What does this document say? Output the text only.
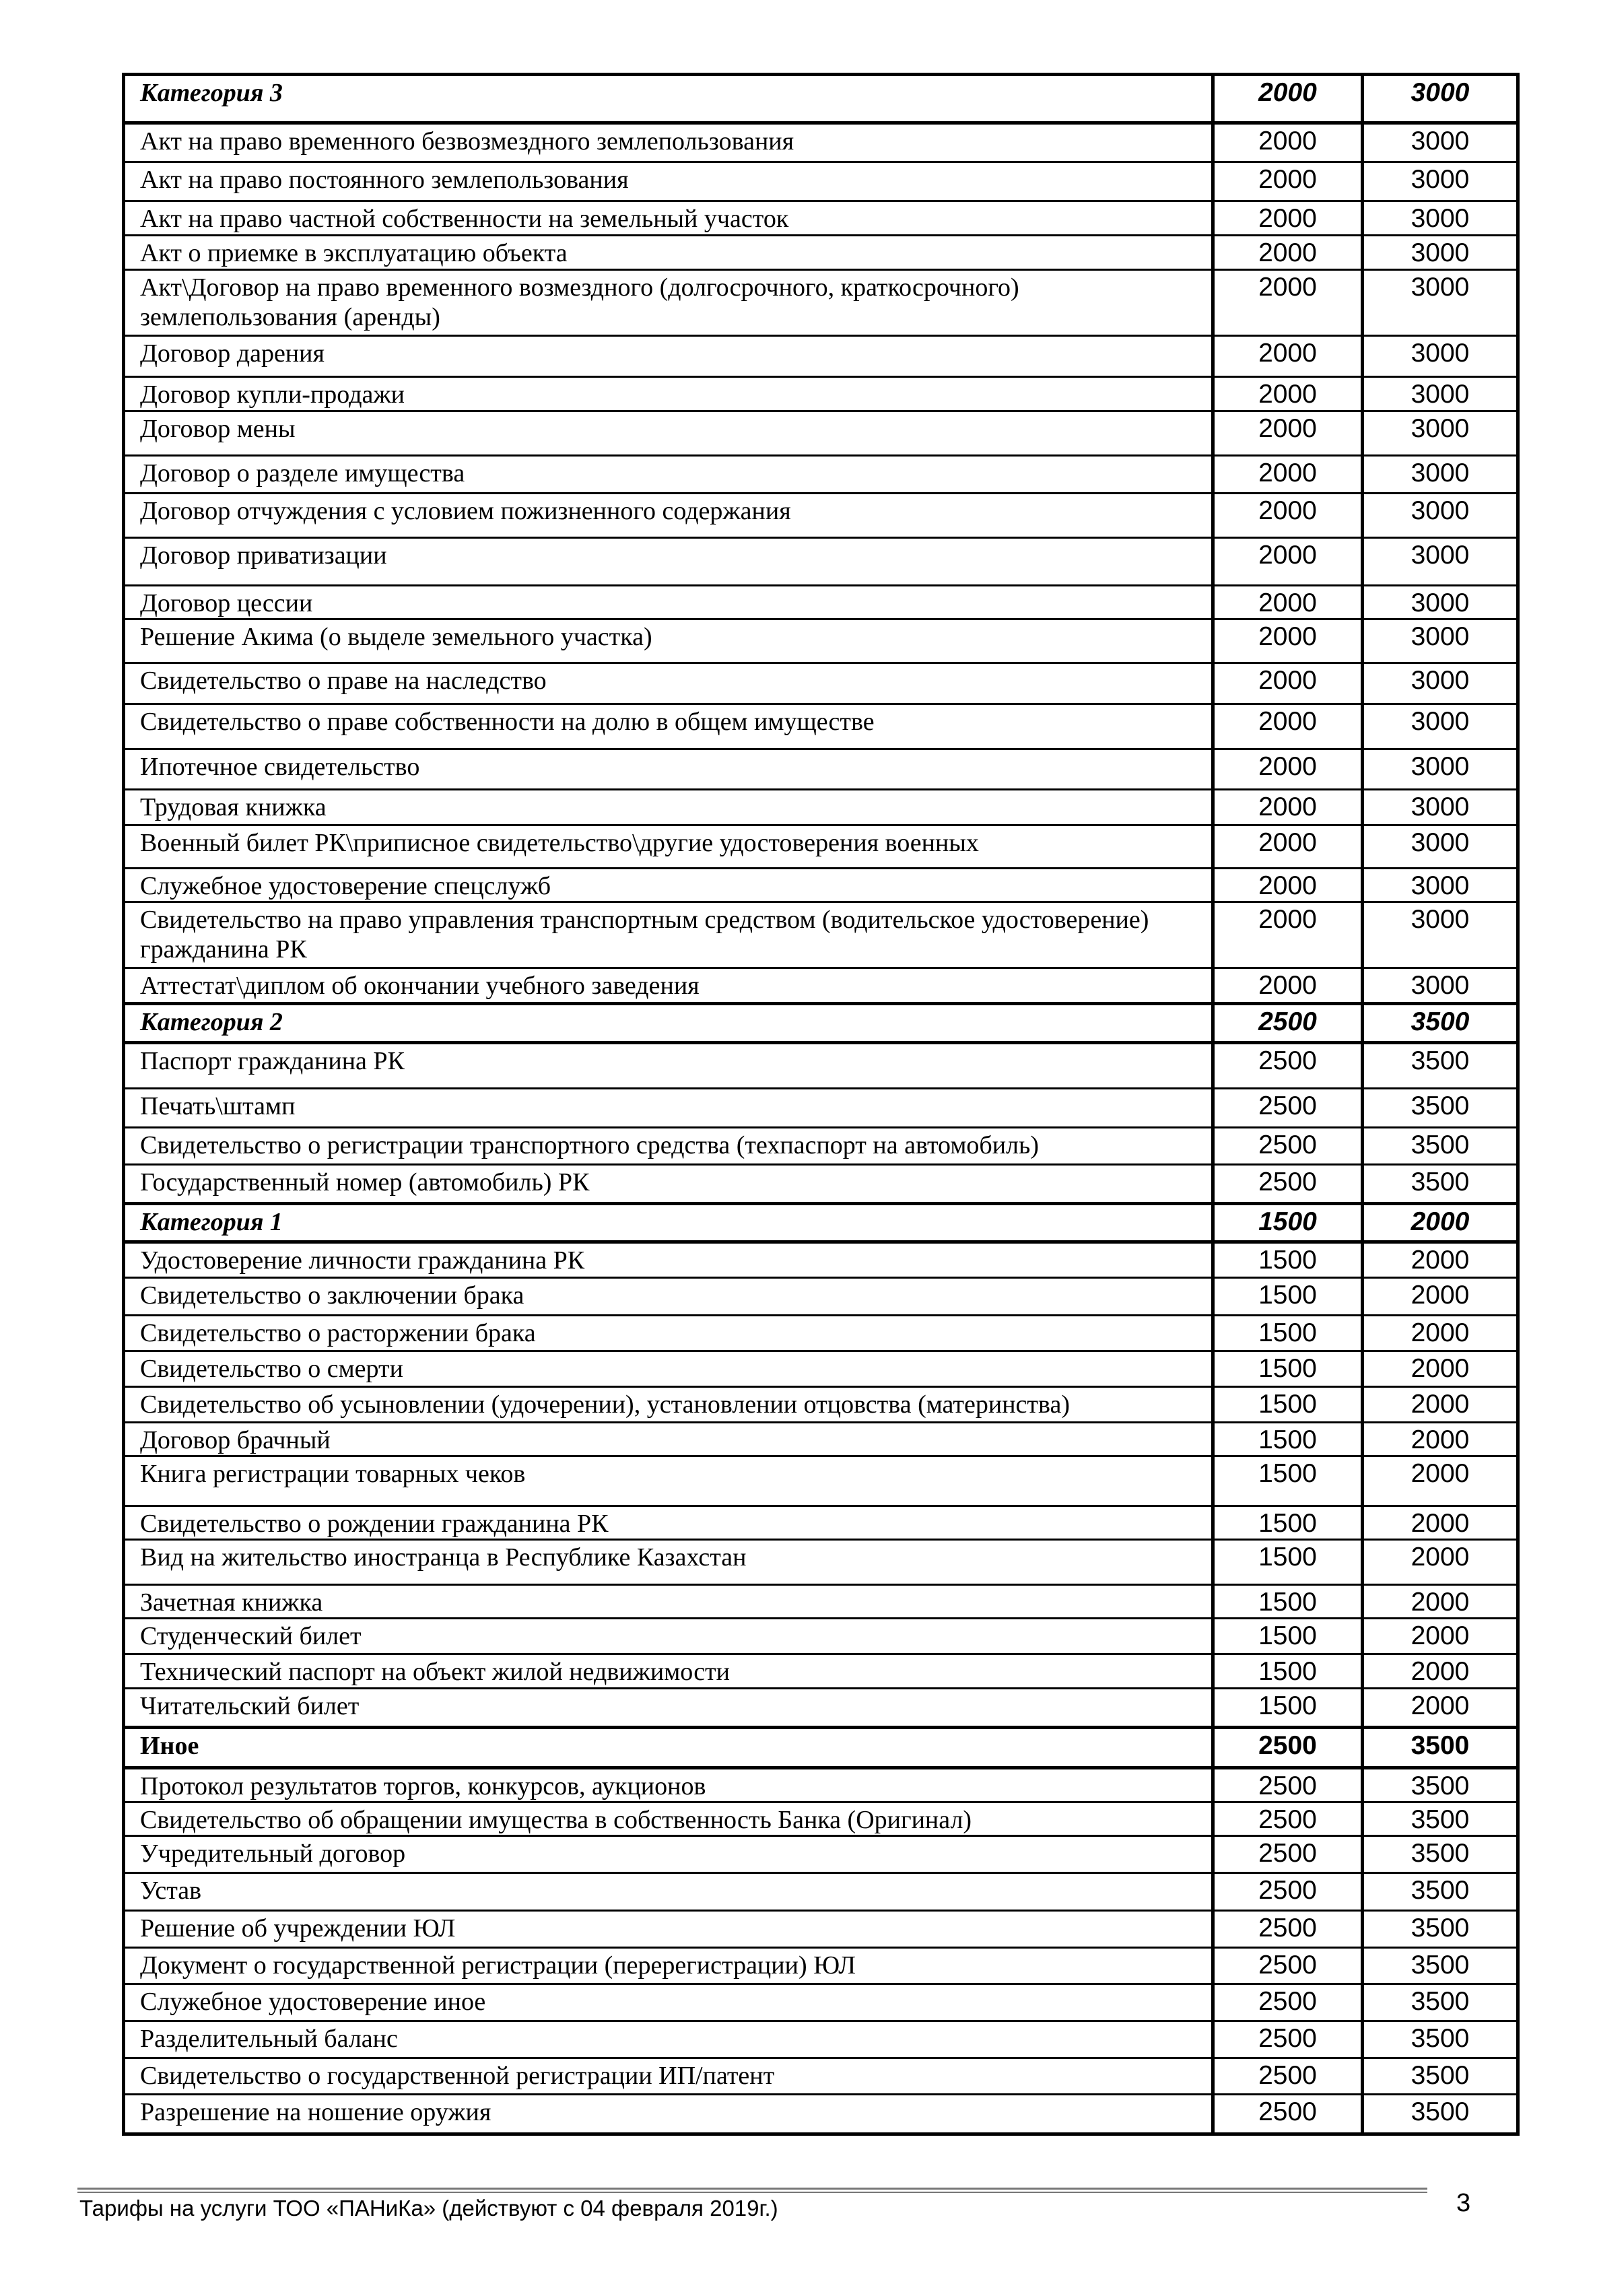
Категория 3	2000	3000
Акт на право временного безвозмездного землепользования	2000	3000
Акт на право постоянного землепользования	2000	3000
Акт на право частной собственности на земельный участок	2000	3000
Акт о приемке в эксплуатацию объекта	2000	3000
Акт\Договор на право временного возмездного (долгосрочного, краткосрочного) землепользования (аренды)	2000	3000
Договор дарения	2000	3000
Договор купли-продажи	2000	3000
Договор мены	2000	3000
Договор о разделе имущества	2000	3000
Договор отчуждения с условием пожизненного содержания	2000	3000
Договор приватизации	2000	3000
Договор цессии	2000	3000
Решение Акима (о выделе земельного участка)	2000	3000
Свидетельство о праве на наследство	2000	3000
Свидетельство о праве собственности на долю в общем имуществе	2000	3000
Ипотечное свидетельство	2000	3000
Трудовая книжка	2000	3000
Военный билет РК\приписное свидетельство\другие удостоверения военных	2000	3000
Служебное удостоверение спецслужб	2000	3000
Свидетельство на право управления транспортным средством (водительское удостоверение) гражданина РК	2000	3000
Аттестат\диплом об окончании учебного заведения	2000	3000
Категория 2	2500	3500
Паспорт гражданина РК	2500	3500
Печать\штамп	2500	3500
Свидетельство о регистрации транспортного средства (техпаспорт на автомобиль)	2500	3500
Государственный номер (автомобиль) РК	2500	3500
Категория 1	1500	2000
Удостоверение личности гражданина РК	1500	2000
Свидетельство о заключении брака	1500	2000
Свидетельство о расторжении брака	1500	2000
Свидетельство о смерти	1500	2000
Свидетельство об усыновлении (удочерении), установлении отцовства (материнства)	1500	2000
Договор брачный	1500	2000
Книга регистрации товарных чеков	1500	2000
Свидетельство о рождении гражданина РК	1500	2000
Вид на жительство иностранца в Республике Казахстан	1500	2000
Зачетная книжка	1500	2000
Студенческий билет	1500	2000
Технический паспорт на объект жилой недвижимости	1500	2000
Читательский билет	1500	2000
Иное	2500	3500
Протокол результатов торгов, конкурсов, аукционов	2500	3500
Свидетельство об обращении имущества в собственность Банка (Оригинал)	2500	3500
Учредительный договор	2500	3500
Устав	2500	3500
Решение об учреждении ЮЛ	2500	3500
Документ о государственной регистрации (перерегистрации) ЮЛ	2500	3500
Служебное удостоверение иное	2500	3500
Разделительный баланс	2500	3500
Свидетельство о государственной регистрации ИП/патент	2500	3500
Разрешение на ношение оружия	2500	3500
Тарифы на услуги ТОО «ПАНиКа» (действуют с 04 февраля 2019г.)	3
